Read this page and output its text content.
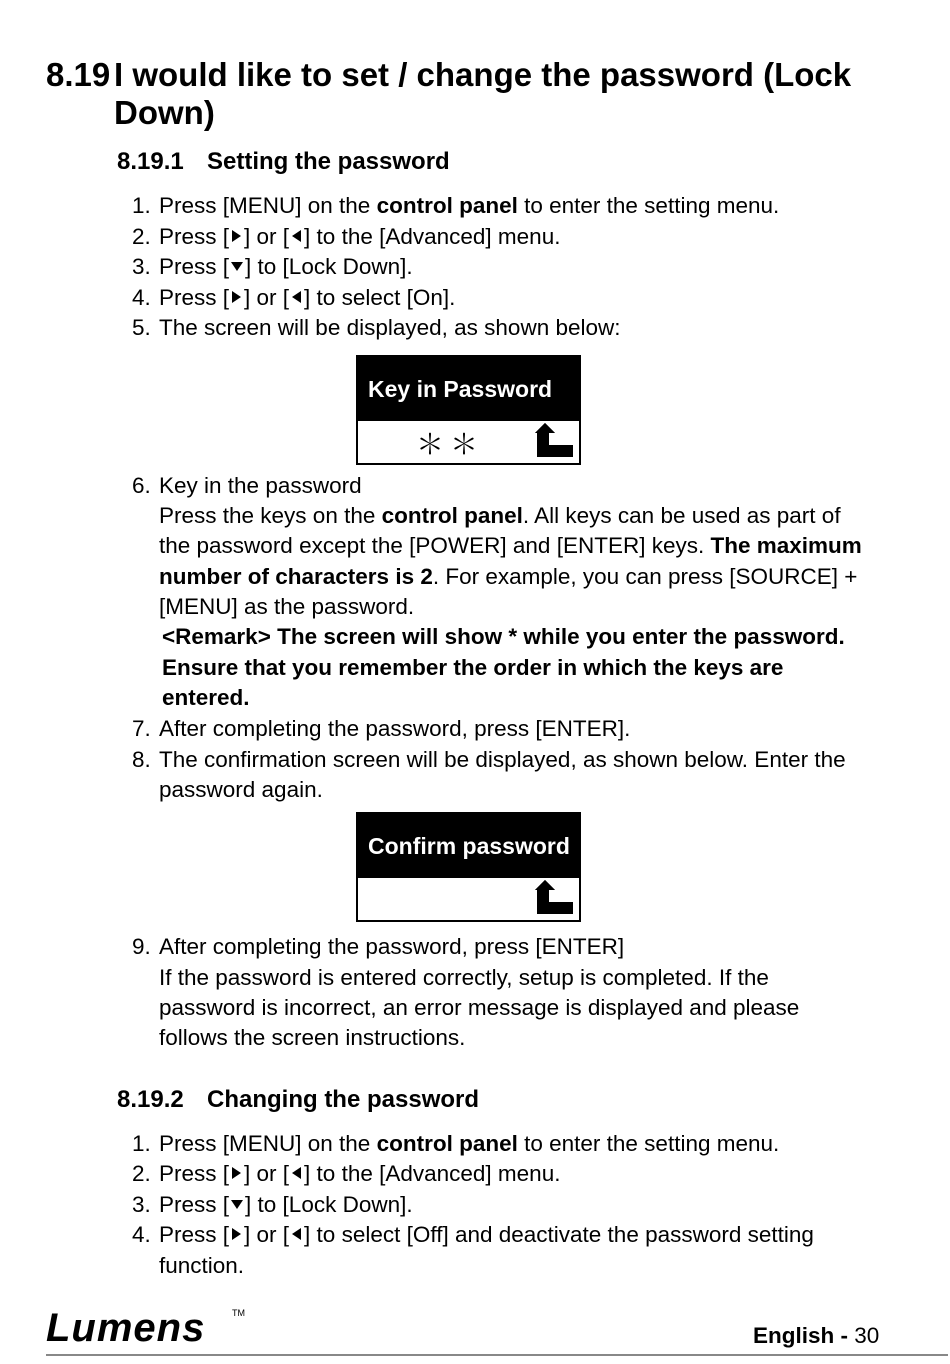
8.19 I would like to set / change the password (Lock Down)
8.19.1 Setting the password
1. Press [MENU] on the control panel to enter the setting menu.
2. Press [ ] or [ ] to the [Advanced] menu.
3. Press [ ] to [Lock Down].
4. Press [ ] or [ ] to select [On].
5. The screen will be displayed, as shown below:
Key in Password
＊＊
6. Key in the password
Press the keys on the control panel. All keys can be used as part of
the password except the [POWER] and [ENTER] keys. The maximum
number of characters is 2. For example, you can press [SOURCE] +
[MENU] as the password.
<Remark> The screen will show * while you enter the password.
Ensure that you remember the order in which the keys are
entered.
7. After completing the password, press [ENTER].
8. The confirmation screen will be displayed, as shown below. Enter the
password again.
Confirm password
9. After completing the password, press [ENTER]
If the password is entered correctly, setup is completed. If the
password is incorrect, an error message is displayed and please
follows the screen instructions.
8.19.2 Changing the password
1. Press [MENU] on the control panel to enter the setting menu.
2. Press [ ] or [ ] to the [Advanced] menu.
3. Press [ ] to [Lock Down].
4. Press [ ] or [ ] to select [Off] and deactivate the password setting
function.
Lumens	TM
English - 30
